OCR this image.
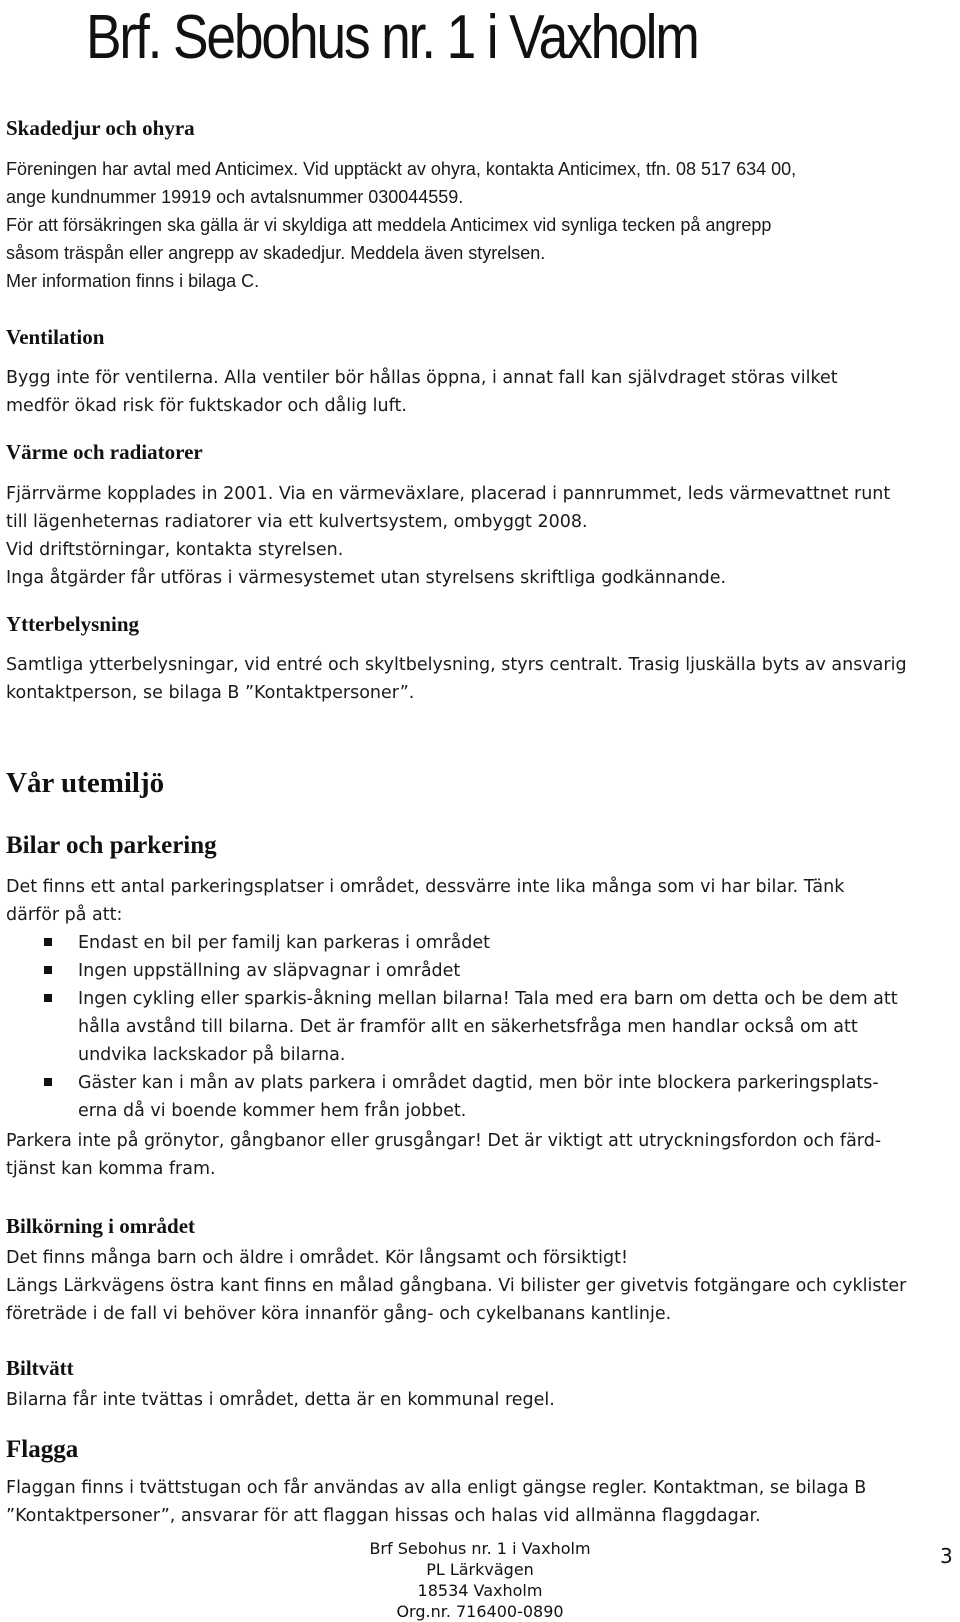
Brf. Sebohus nr. 1 i Vaxholm
Skadedjur och ohyra
Föreningen har avtal med Anticimex. Vid upptäckt av ohyra, kontakta Anticimex, tfn. 08 517 634 00,
ange kundnummer 19919 och avtalsnummer 030044559.
För att försäkringen ska gälla är vi skyldiga att meddela Anticimex vid synliga tecken på angrepp
såsom träspån eller angrepp av skadedjur. Meddela även styrelsen.
Mer information finns i bilaga C.
Ventilation
Bygg inte för ventilerna. Alla ventiler bör hållas öppna, i annat fall kan självdraget störas vilket
medför ökad risk för fuktskador och dålig luft.
Värme och radiatorer
Fjärrvärme kopplades in 2001. Via en värmeväxlare, placerad i pannrummet, leds värmevattnet runt
till lägenheternas radiatorer via ett kulvertsystem, ombyggt 2008.
Vid driftstörningar, kontakta styrelsen.
Inga åtgärder får utföras i värmesystemet utan styrelsens skriftliga godkännande.
Ytterbelysning
Samtliga ytterbelysningar, vid entré och skyltbelysning, styrs centralt. Trasig ljuskälla byts av ansvarig
kontaktperson, se bilaga B ”Kontaktpersoner”.
Vår utemiljö
Bilar och parkering
Det finns ett antal parkeringsplatser i området, dessvärre inte lika många som vi har bilar. Tänk
därför på att:
Endast en bil per familj kan parkeras i området
Ingen uppställning av släpvagnar i området
Ingen cykling eller sparkis-åkning mellan bilarna! Tala med era barn om detta och be dem att
hålla avstånd till bilarna. Det är framför allt en säkerhetsfråga men handlar också om att
undvika lackskador på bilarna.
Gäster kan i mån av plats parkera i området dagtid, men bör inte blockera parkeringsplats-
erna då vi boende kommer hem från jobbet.
Parkera inte på grönytor, gångbanor eller grusgångar! Det är viktigt att utryckningsfordon och färd-
tjänst kan komma fram.
Bilkörning i området
Det finns många barn och äldre i området. Kör långsamt och försiktigt!
Längs Lärkvägens östra kant finns en målad gångbana. Vi bilister ger givetvis fotgängare och cyklister
företräde i de fall vi behöver köra innanför gång- och cykelbanans kantlinje.
Biltvätt
Bilarna får inte tvättas i området, detta är en kommunal regel.
Flagga
Flaggan finns i tvättstugan och får användas av alla enligt gängse regler. Kontaktman, se bilaga B
”Kontaktpersoner”, ansvarar för att flaggan hissas och halas vid allmänna flaggdagar.
Brf Sebohus nr. 1 i Vaxholm
PL Lärkvägen
18534 Vaxholm
Org.nr. 716400-0890
3
